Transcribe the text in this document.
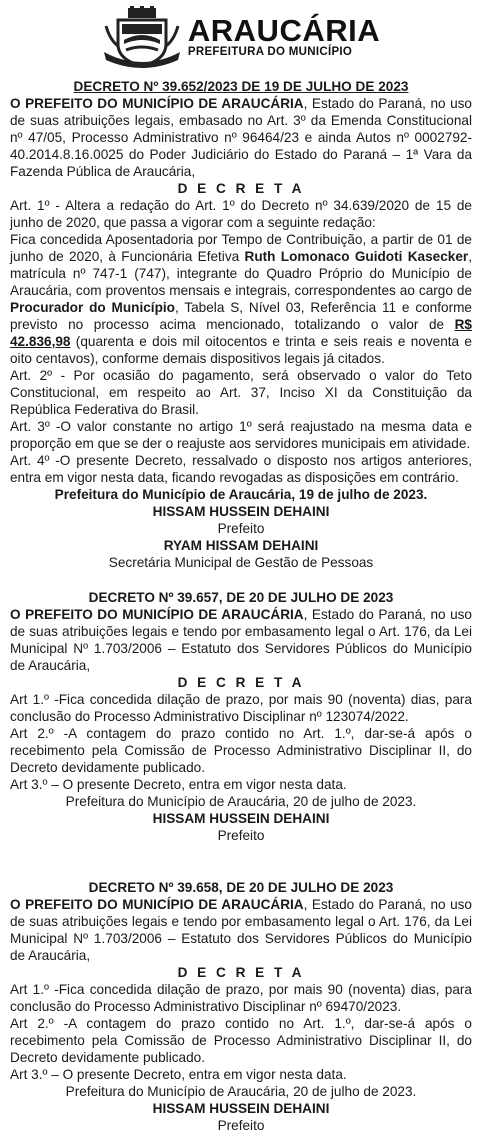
ARAUCÁRIA
PREFEITURA DO MUNICÍPIO
DECRETO Nº 39.652/2023 DE 19 DE JULHO DE 2023

O PREFEITO DO MUNICÍPIO DE ARAUCÁRIA, Estado do Paraná, no uso de suas atribuições legais, embasado no Art. 3º da Emenda Constitucional nº 47/05, Processo Administrativo nº 96464/23 e ainda Autos nº 0002792-40.2014.8.16.0025 do Poder Judiciário do Estado do Paraná – 1ª Vara da Fazenda Pública de Araucária,

D E C R E T A

Art. 1º - Altera a redação do Art. 1º do Decreto nº 34.639/2020 de 15 de junho de 2020, que passa a vigorar com a seguinte redação:

Fica concedida Aposentadoria por Tempo de Contribuição, a partir de 01 de junho de 2020, à Funcionária Efetiva Ruth Lomonaco Guidoti Kasecker, matrícula nº 747-1 (747), integrante do Quadro Próprio do Município de Araucária, com proventos mensais e integrais, correspondentes ao cargo de Procurador do Município, Tabela S, Nível 03, Referência 11 e conforme previsto no processo acima mencionado, totalizando o valor de R$ 42.836,98 (quarenta e dois mil oitocentos e trinta e seis reais e noventa e oito centavos), conforme demais dispositivos legais já citados.

Art. 2º - Por ocasião do pagamento, será observado o valor do Teto Constitucional, em respeito ao Art. 37, Inciso XI da Constituição da República Federativa do Brasil.

Art. 3º -O valor constante no artigo 1º será reajustado na mesma data e proporção em que se der o reajuste aos servidores municipais em atividade.

Art. 4º -O presente Decreto, ressalvado o disposto nos artigos anteriores, entra em vigor nesta data, ficando revogadas as disposições em contrário.

Prefeitura do Município de Araucária, 19 de julho de 2023.
HISSAM HUSSEIN DEHAINI
Prefeito
RYAM HISSAM DEHAINI
Secretária Municipal de Gestão de Pessoas
DECRETO Nº 39.657, DE 20 DE JULHO DE 2023

O PREFEITO DO MUNICÍPIO DE ARAUCÁRIA, Estado do Paraná, no uso de suas atribuições legais e tendo por embasamento legal o Art. 176, da Lei Municipal Nº 1.703/2006 – Estatuto dos Servidores Públicos do Município de Araucária,

D E C R E T A

Art 1.º -Fica concedida dilação de prazo, por mais 90 (noventa) dias, para conclusão do Processo Administrativo Disciplinar nº 123074/2022.

Art 2.º -A contagem do prazo contido no Art. 1.º, dar-se-á após o recebimento pela Comissão de Processo Administrativo Disciplinar II, do Decreto devidamente publicado.

Art 3.º – O presente Decreto, entra em vigor nesta data.

Prefeitura do Município de Araucária, 20 de julho de 2023.
HISSAM HUSSEIN DEHAINI
Prefeito
DECRETO Nº 39.658, DE 20 DE JULHO DE 2023

O PREFEITO DO MUNICÍPIO DE ARAUCÁRIA, Estado do Paraná, no uso de suas atribuições legais e tendo por embasamento legal o Art. 176, da Lei Municipal Nº 1.703/2006 – Estatuto dos Servidores Públicos do Município de Araucária,

D E C R E T A

Art 1.º -Fica concedida dilação de prazo, por mais 90 (noventa) dias, para conclusão do Processo Administrativo Disciplinar nº 69470/2023.

Art 2.º -A contagem do prazo contido no Art. 1.º, dar-se-á após o recebimento pela Comissão de Processo Administrativo Disciplinar II, do Decreto devidamente publicado.

Art 3.º – O presente Decreto, entra em vigor nesta data.

Prefeitura do Município de Araucária, 20 de julho de 2023.
HISSAM HUSSEIN DEHAINI
Prefeito
